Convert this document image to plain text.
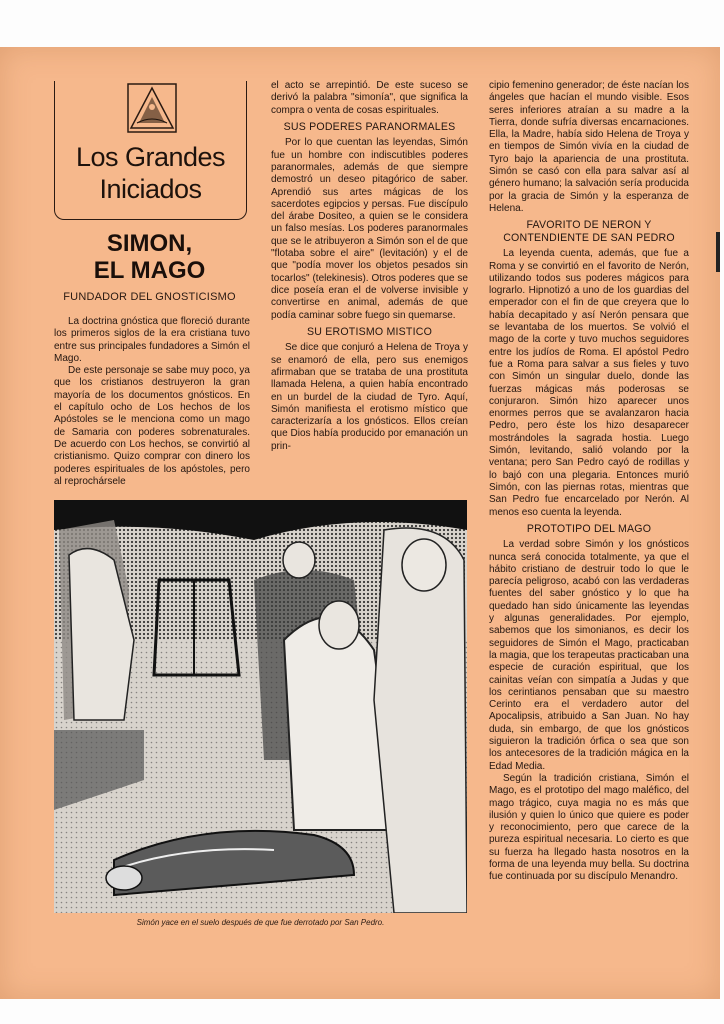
Los Grandes
Iniciados
SIMON,
EL MAGO
FUNDADOR DEL GNOSTICISMO

La doctrina gnóstica que floreció durante los primeros siglos de la era cristiana tuvo entre sus principales fundadores a Simón el Mago.

De este personaje se sabe muy poco, ya que los cristianos destruyeron la gran mayoría de los documentos gnósticos. En el capítulo ocho de Los hechos de los Apóstoles se le menciona como un mago de Samaria con poderes sobrenaturales. De acuerdo con Los hechos, se convirtió al cristianismo. Quizo comprar con dinero los poderes espirituales de los apóstoles, pero al reprochársele

el acto se arrepintió. De este suceso se derivó la palabra "simonía", que significa la compra o venta de cosas espirituales.

SUS PODERES PARANORMALES

Por lo que cuentan las leyendas, Simón fue un hombre con indiscutibles poderes paranormales, además de que siempre demostró un deseo pitagórico de saber. Aprendió sus artes mágicas de los sacerdotes egipcios y persas. Fue discípulo del árabe Dositeo, a quien se le considera un falso mesías. Los poderes paranormales que se le atribuyeron a Simón son el de que "flotaba sobre el aire" (levitación) y el de que "podía mover los objetos pesados sin tocarlos" (telekinesis). Otros poderes que se dice poseía eran el de volverse invisible y convertirse en animal, además de que podía caminar sobre fuego sin quemarse.

SU EROTISMO MISTICO

Se dice que conjuró a Helena de Troya y se enamoró de ella, pero sus enemigos afirmaban que se trataba de una prostituta llamada Helena, a quien había encontrado en un burdel de la ciudad de Tyro. Aquí, Simón manifiesta el erotismo místico que caracterizaría a los gnósticos. Ellos creían que Dios había producido por emanación un prin-

cipio femenino generador; de éste nacían los ángeles que hacían el mundo visible. Esos seres inferiores atraían a su madre a la Tierra, donde sufría diversas encarnaciones. Ella, la Madre, había sido Helena de Troya y en tiempos de Simón vivía en la ciudad de Tyro bajo la apariencia de una prostituta. Simón se casó con ella para salvar así al género humano; la salvación sería producida por la gracia de Simón y la esperanza de Helena.

FAVORITO DE NERON Y CONTENDIENTE DE SAN PEDRO

La leyenda cuenta, además, que fue a Roma y se convirtió en el favorito de Nerón, utilizando todos sus poderes mágicos para lograrlo. Hipnotizó a uno de los guardias del emperador con el fin de que creyera que lo había decapitado y así Nerón pensara que se levantaba de los muertos. Se volvió el mago de la corte y tuvo muchos seguidores entre los judíos de Roma. El apóstol Pedro fue a Roma para salvar a sus fieles y tuvo con Simón un singular duelo, donde las fuerzas mágicas más poderosas se conjuraron. Simón hizo aparecer unos enormes perros que se avalanzaron hacia Pedro, pero éste los hizo desaparecer mostrándoles la sagrada hostia. Luego Simón, levitando, salió volando por la ventana; pero San Pedro cayó de rodillas y lo bajó con una plegaria. Entonces murió Simón, con las piernas rotas, mientras que San Pedro fue encarcelado por Nerón. Al menos eso cuenta la leyenda.

PROTOTIPO DEL MAGO

La verdad sobre Simón y los gnósticos nunca será conocida totalmente, ya que el hábito cristiano de destruir todo lo que le parecía peligroso, acabó con las verdaderas fuentes del saber gnóstico y lo que ha quedado han sido únicamente las leyendas y algunas generalidades. Por ejemplo, sabemos que los simonianos, es decir los seguidores de Simón el Mago, practicaban la magia, que los terapeutas practicaban una especie de curación espiritual, que los cainitas veían con simpatía a Judas y que los cerintianos pensaban que su maestro Cerinto era el verdadero autor del Apocalipsis, atribuido a San Juan. No hay duda, sin embargo, de que los gnósticos siguieron la tradición órfica o sea que son los antecesores de la tradición mágica en la Edad Media.

Según la tradición cristiana, Simón el Mago, es el prototipo del mago maléfico, del mago trágico, cuya magia no es más que ilusión y quien lo único que quiere es poder y reconocimiento, pero que carece de la pureza espiritual necesaria. Lo cierto es que su fuerza ha llegado hasta nosotros en la forma de una leyenda muy bella. Su doctrina fue continuada por su discípulo Menandro.

Simón yace en el suelo después de que fue derrotado por San Pedro.
